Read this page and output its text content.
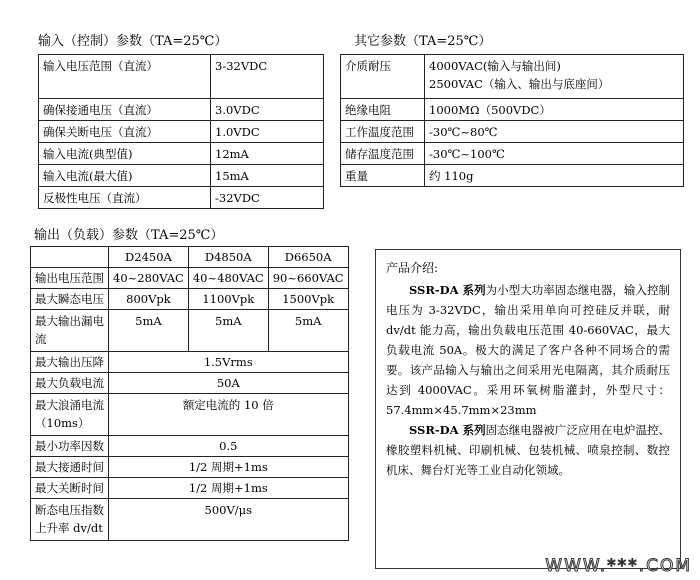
输入（控制）参数（TA=25℃）
输入电压范围（直流）	3-32VDC
确保接通电压（直流）	3.0VDC
确保关断电压（直流）	1.0VDC
输入电流(典型值)	12mA
输入电流(最大值)	15mA
反极性电压（直流）	-32VDC
其它参数（TA=25℃）
介质耐压	4000VAC(输入与输出间)
2500VAC（输入、输出与底座间）

绝缘电阻	1000MΩ（500VDC）
工作温度范围	-30℃~80℃
储存温度范围	-30℃~100℃
重量	约 110g
输出（负载）参数（TA=25℃）
	D2450A	D4850A	D6650A
输出电压范围	40~280VAC	40~480VAC	90~660VAC
最大瞬态电压	800Vpk	1100Vpk	1500Vpk
最大输出漏电流	5mA	5mA	5mA
最大输出压降	1.5Vrms		
最大负载电流	50A		
最大浪涌电流（10ms）	额定电流的 10 倍		
最小功率因数	0.5		
最大接通时间	1/2 周期+1ms		
最大关断时间	1/2 周期+1ms		
断态电压指数上升率 dv/dt	500V/μs		
产品介绍:

SSR-DA 系列为小型大功率固态继电器，输入控制电压为 3-32VDC，输出采用单向可控硅反并联，耐 dv/dt 能力高，输出负载电压范围 40-660VAC，最大负载电流 50A。极大的满足了客户各种不同场合的需要。该产品输入与输出之间采用光电隔离，其介质耐压达到 4000VAC。采用环氧树脂灌封，外型尺寸：57.4mm×45.7mm×23mm

SSR-DA 系列固态继电器被广泛应用在电炉温控、橡胶塑料机械、印刷机械、包装机械、喷泉控制、数控机床、舞台灯光等工业自动化领域。

WWW.***.COM
